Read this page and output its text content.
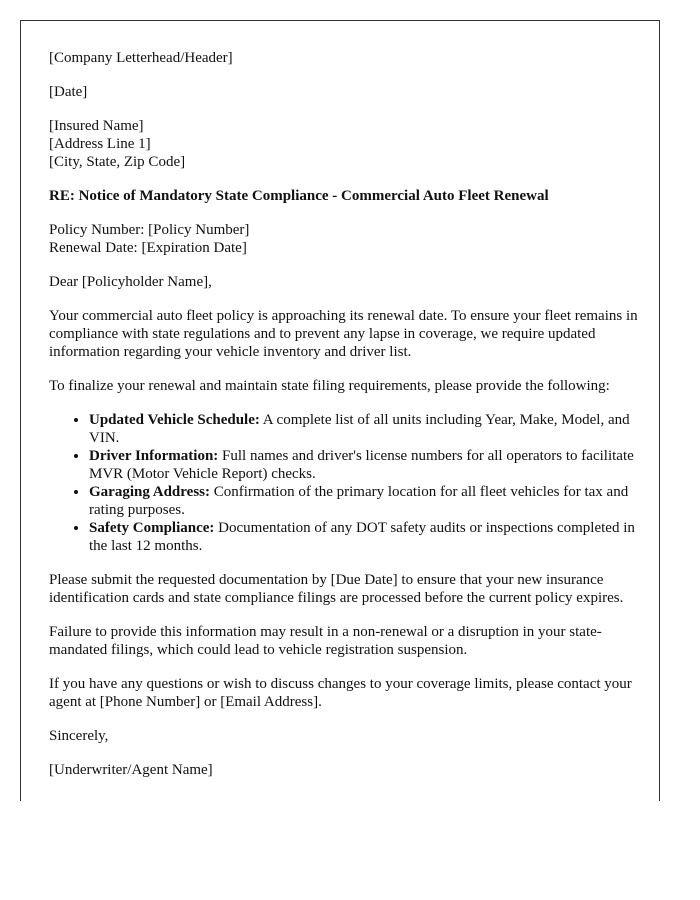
[Company Letterhead/Header]

[Date]

[Insured Name]
[Address Line 1]
[City, State, Zip Code]

RE: Notice of Mandatory State Compliance - Commercial Auto Fleet Renewal

Policy Number: [Policy Number]
Renewal Date: [Expiration Date]

Dear [Policyholder Name],

Your commercial auto fleet policy is approaching its renewal date. To ensure your fleet remains in compliance with state regulations and to prevent any lapse in coverage, we require updated information regarding your vehicle inventory and driver list.

To finalize your renewal and maintain state filing requirements, please provide the following:

• Updated Vehicle Schedule: A complete list of all units including Year, Make, Model, and VIN.
• Driver Information: Full names and driver's license numbers for all operators to facilitate MVR (Motor Vehicle Report) checks.
• Garaging Address: Confirmation of the primary location for all fleet vehicles for tax and rating purposes.
• Safety Compliance: Documentation of any DOT safety audits or inspections completed in the last 12 months.

Please submit the requested documentation by [Due Date] to ensure that your new insurance identification cards and state compliance filings are processed before the current policy expires.

Failure to provide this information may result in a non-renewal or a disruption in your state-mandated filings, which could lead to vehicle registration suspension.

If you have any questions or wish to discuss changes to your coverage limits, please contact your agent at [Phone Number] or [Email Address].

Sincerely,

[Underwriter/Agent Name]
